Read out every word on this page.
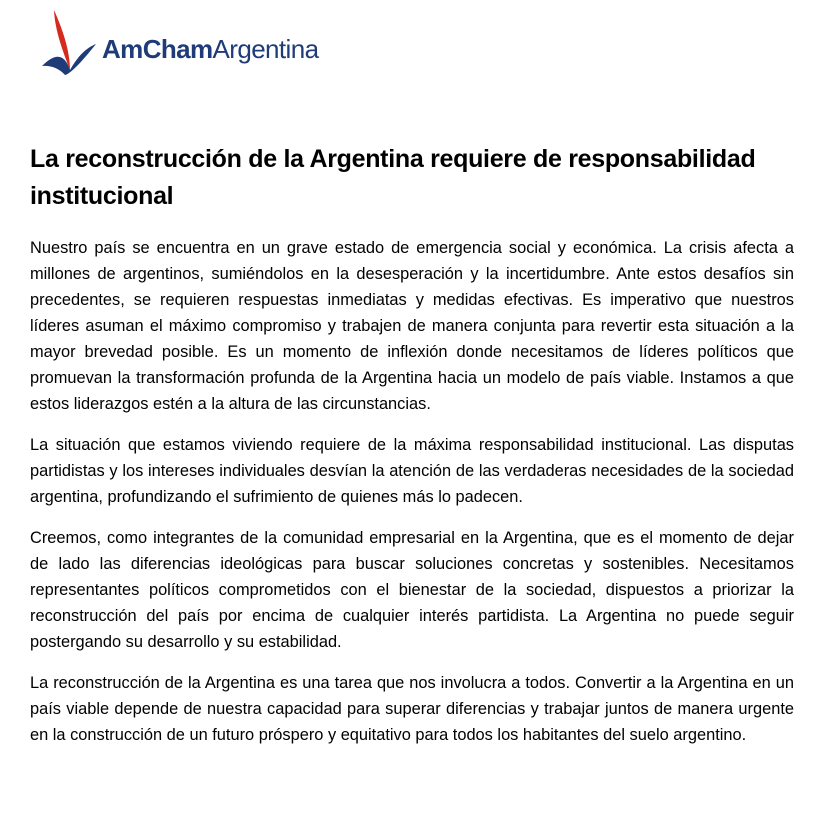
AmChamArgentina
La reconstrucción de la Argentina requiere de responsabilidad institucional

Nuestro país se encuentra en un grave estado de emergencia social y económica. La crisis afecta a millones de argentinos, sumiéndolos en la desesperación y la incertidumbre. Ante estos desafíos sin precedentes, se requieren respuestas inmediatas y medidas efectivas. Es imperativo que nuestros líderes asuman el máximo compromiso y trabajen de manera conjunta para revertir esta situación a la mayor brevedad posible. Es un momento de inflexión donde necesitamos de líderes políticos que promuevan la transformación profunda de la Argentina hacia un modelo de país viable. Instamos a que estos liderazgos estén a la altura de las circunstancias.

La situación que estamos viviendo requiere de la máxima responsabilidad institucional. Las disputas partidistas y los intereses individuales desvían la atención de las verdaderas necesidades de la sociedad argentina, profundizando el sufrimiento de quienes más lo padecen.

Creemos, como integrantes de la comunidad empresarial en la Argentina, que es el momento de dejar de lado las diferencias ideológicas para buscar soluciones concretas y sostenibles. Necesitamos representantes políticos comprometidos con el bienestar de la sociedad, dispuestos a priorizar la reconstrucción del país por encima de cualquier interés partidista. La Argentina no puede seguir postergando su desarrollo y su estabilidad.

La reconstrucción de la Argentina es una tarea que nos involucra a todos. Convertir a la Argentina en un país viable depende de nuestra capacidad para superar diferencias y trabajar juntos de manera urgente en la construcción de un futuro próspero y equitativo para todos los habitantes del suelo argentino.
